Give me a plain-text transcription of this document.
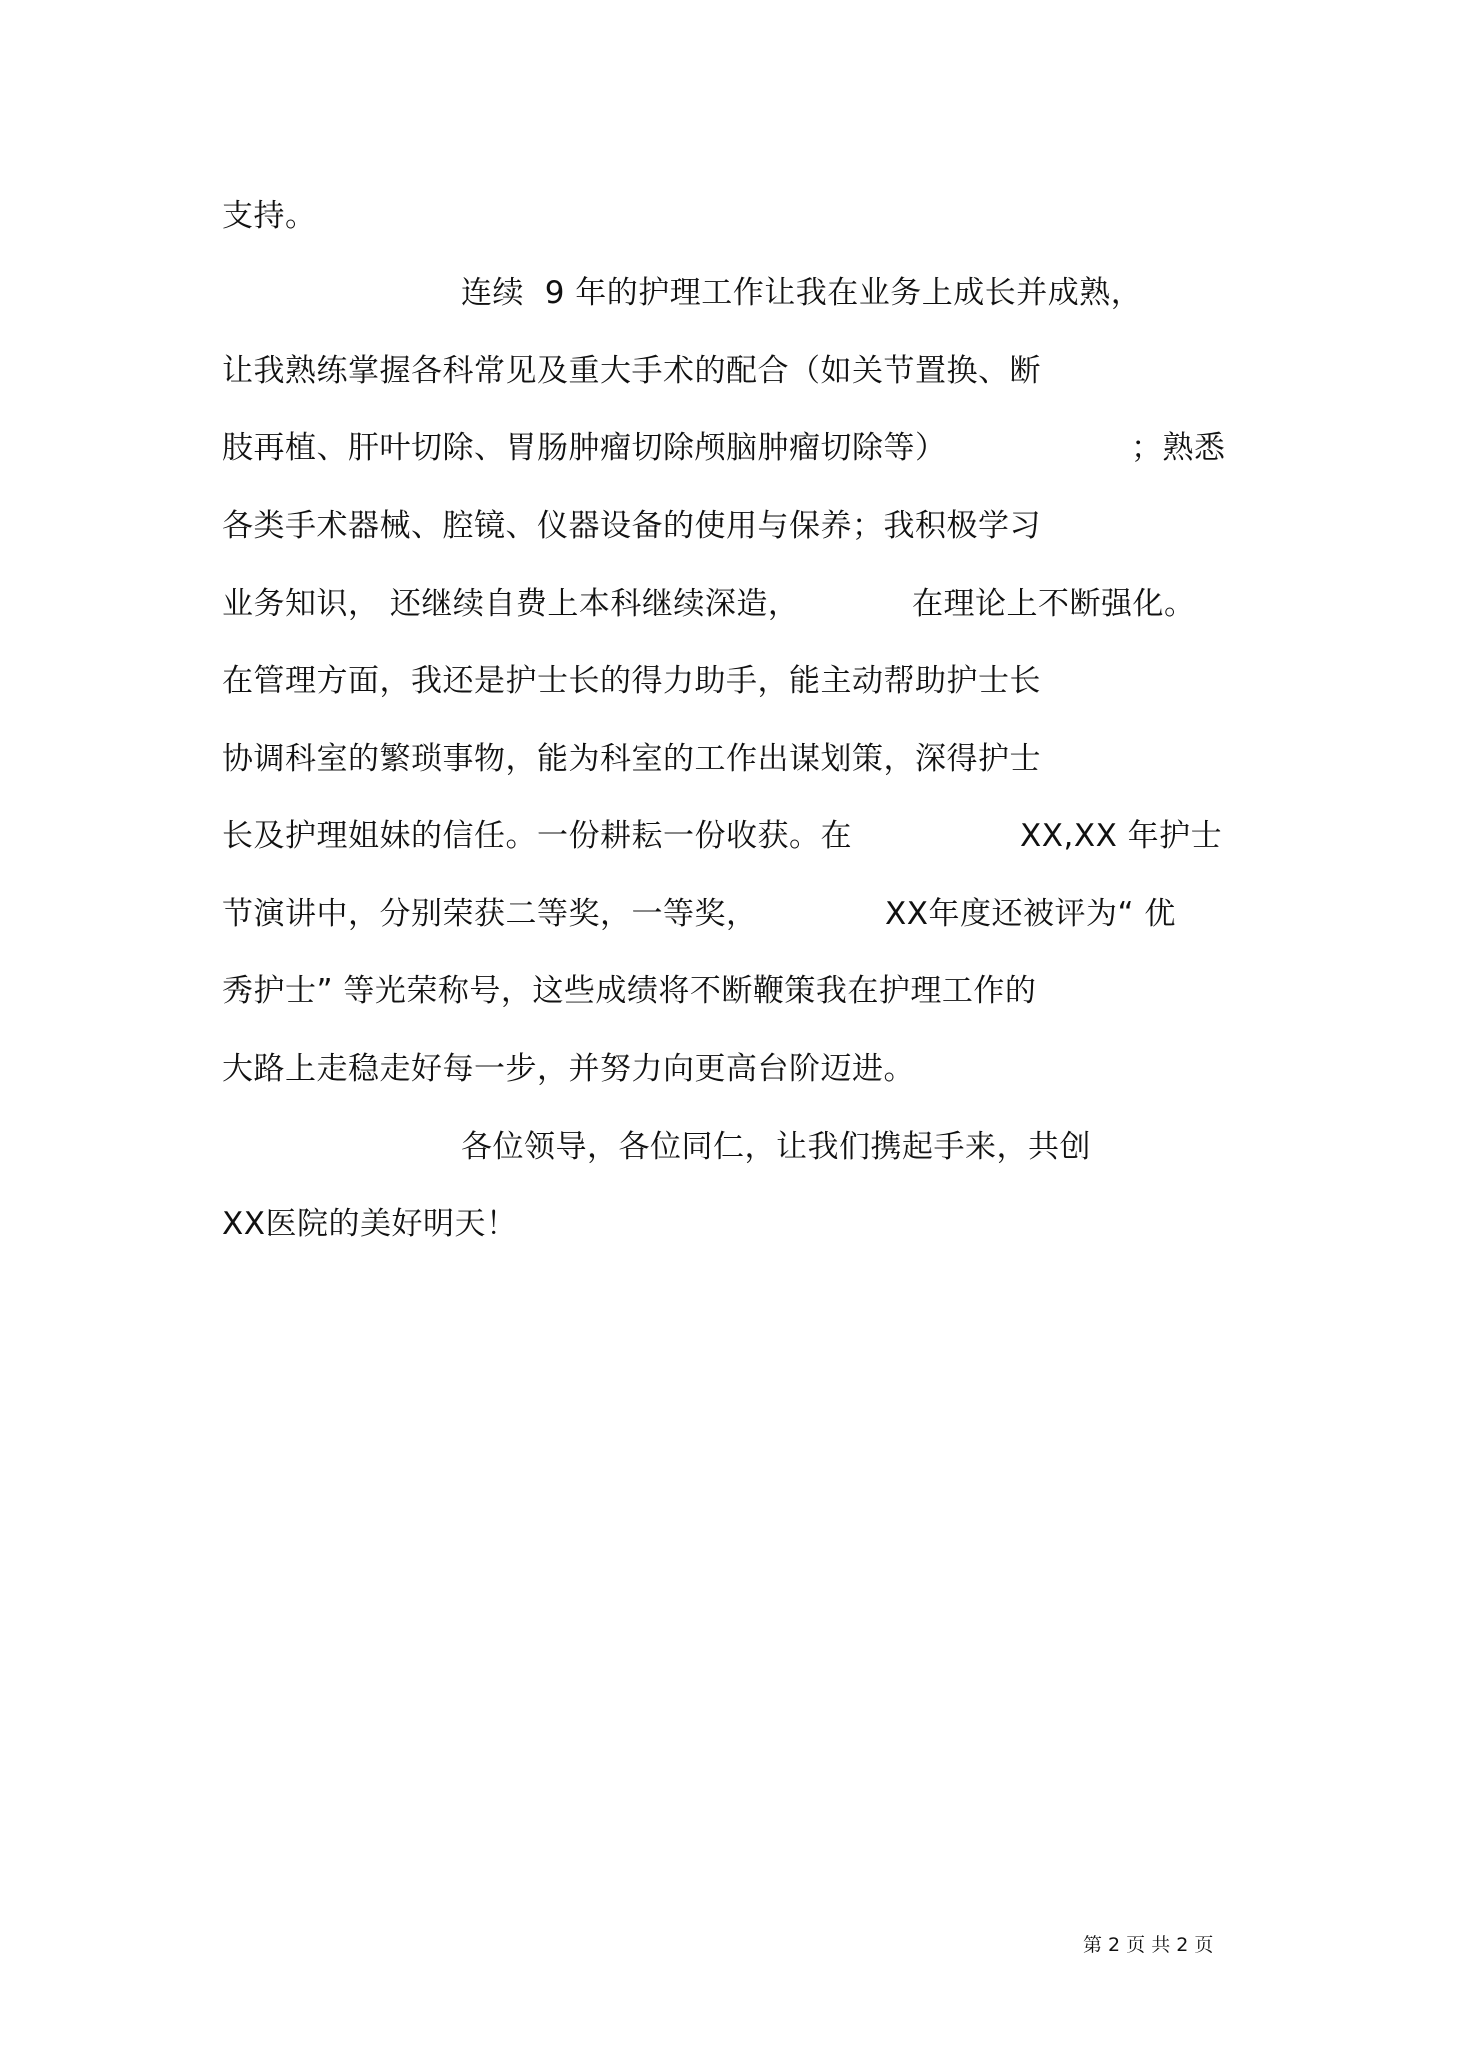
支持。
连续  9 年的护理工作让我在业务上成长并成熟，
让我熟练掌握各科常见及重大手术的配合（如关节置换、断
肢再植、肝叶切除、胃肠肿瘤切除颅脑肿瘤切除等）	；熟悉
各类手术器械、腔镜、仪器设备的使用与保养；我积极学习
业务知识， 还继续自费上本科继续深造，	在理论上不断强化。
在管理方面，我还是护士长的得力助手，能主动帮助护士长
协调科室的繁琐事物，能为科室的工作出谋划策，深得护士
长及护理姐妹的信任。一份耕耘一份收获。在	XX,XX 年护士
节演讲中，分别荣获二等奖，一等奖，	XX年度还被评为“ 优
秀护士” 等光荣称号，这些成绩将不断鞭策我在护理工作的
大路上走稳走好每一步，并努力向更高台阶迈进。
各位领导，各位同仁，让我们携起手来，共创
XX医院的美好明天！
第 2 页 共 2 页
